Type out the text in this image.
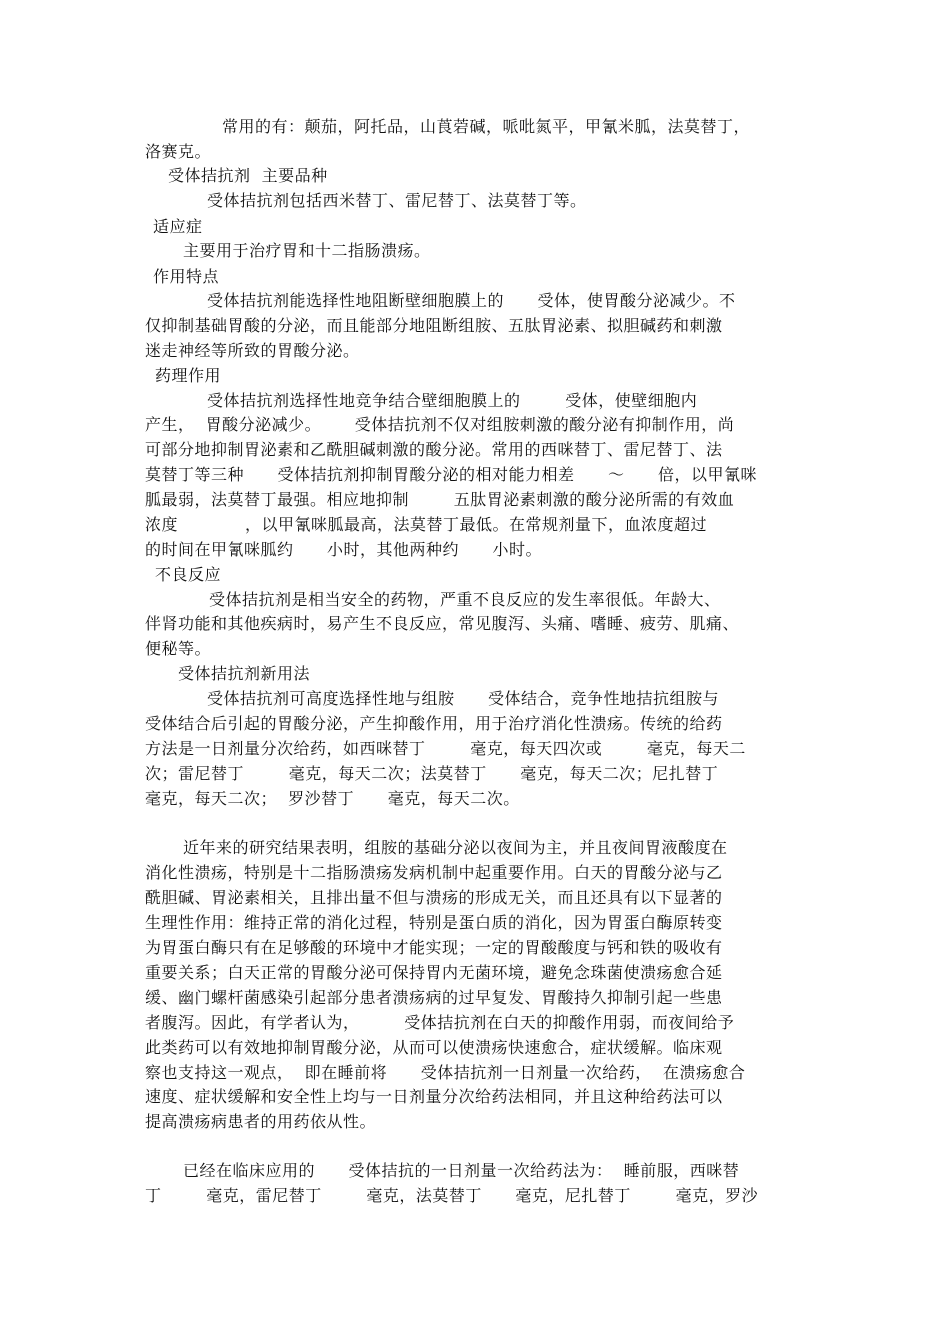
常用的有：颠茄，阿托品，山莨菪碱，哌吡氮平，甲氰米胍，法莫替丁，
洛赛克。
受体拮抗剂  主要品种
受体拮抗剂包括西米替丁、雷尼替丁、法莫替丁等。
适应症
主要用于治疗胃和十二指肠溃疡。
作用特点
受体拮抗剂能选择性地阻断壁细胞膜上的      受体，使胃酸分泌减少。不
仅抑制基础胃酸的分泌，而且能部分地阻断组胺、五肽胃泌素、拟胆碱药和刺激
迷走神经等所致的胃酸分泌。
药理作用
受体拮抗剂选择性地竞争结合壁细胞膜上的        受体，使壁细胞内
产生，  胃酸分泌减少。      受体拮抗剂不仅对组胺刺激的酸分泌有抑制作用，尚
可部分地抑制胃泌素和乙酰胆碱刺激的酸分泌。常用的西咪替丁、雷尼替丁、法
莫替丁等三种      受体拮抗剂抑制胃酸分泌的相对能力相差      ～      倍，以甲氰咪
胍最弱，法莫替丁最强。相应地抑制        五肽胃泌素刺激的酸分泌所需的有效血
浓度            ，以甲氰咪胍最高，法莫替丁最低。在常规剂量下，血浓度超过
的时间在甲氰咪胍约      小时，其他两种约      小时。
不良反应
受体拮抗剂是相当安全的药物，严重不良反应的发生率很低。年龄大、
伴肾功能和其他疾病时，易产生不良反应，常见腹泻、头痛、嗜睡、疲劳、肌痛、
便秘等。
受体拮抗剂新用法
受体拮抗剂可高度选择性地与组胺      受体结合，竞争性地拮抗组胺与
受体结合后引起的胃酸分泌，产生抑酸作用，用于治疗消化性溃疡。传统的给药
方法是一日剂量分次给药，如西咪替丁        毫克，每天四次或        毫克，每天二
次；雷尼替丁        毫克，每天二次；法莫替丁      毫克，每天二次；尼扎替丁
毫克，每天二次；  罗沙替丁      毫克，每天二次。
近年来的研究结果表明，组胺的基础分泌以夜间为主，并且夜间胃液酸度在
消化性溃疡，特别是十二指肠溃疡发病机制中起重要作用。白天的胃酸分泌与乙
酰胆碱、胃泌素相关，且排出量不但与溃疡的形成无关，而且还具有以下显著的
生理性作用：维持正常的消化过程，特别是蛋白质的消化，因为胃蛋白酶原转变
为胃蛋白酶只有在足够酸的环境中才能实现；一定的胃酸酸度与钙和铁的吸收有
重要关系；白天正常的胃酸分泌可保持胃内无菌环境，避免念珠菌使溃疡愈合延
缓、幽门螺杆菌感染引起部分患者溃疡病的过早复发、胃酸持久抑制引起一些患
者腹泻。因此，有学者认为，        受体拮抗剂在白天的抑酸作用弱，而夜间给予
此类药可以有效地抑制胃酸分泌，从而可以使溃疡快速愈合，症状缓解。临床观
察也支持这一观点，  即在睡前将      受体拮抗剂一日剂量一次给药，  在溃疡愈合
速度、症状缓解和安全性上均与一日剂量分次给药法相同，并且这种给药法可以
提高溃疡病患者的用药依从性。
已经在临床应用的      受体拮抗的一日剂量一次给药法为：  睡前服，西咪替
丁        毫克，雷尼替丁        毫克，法莫替丁      毫克，尼扎替丁        毫克，罗沙
